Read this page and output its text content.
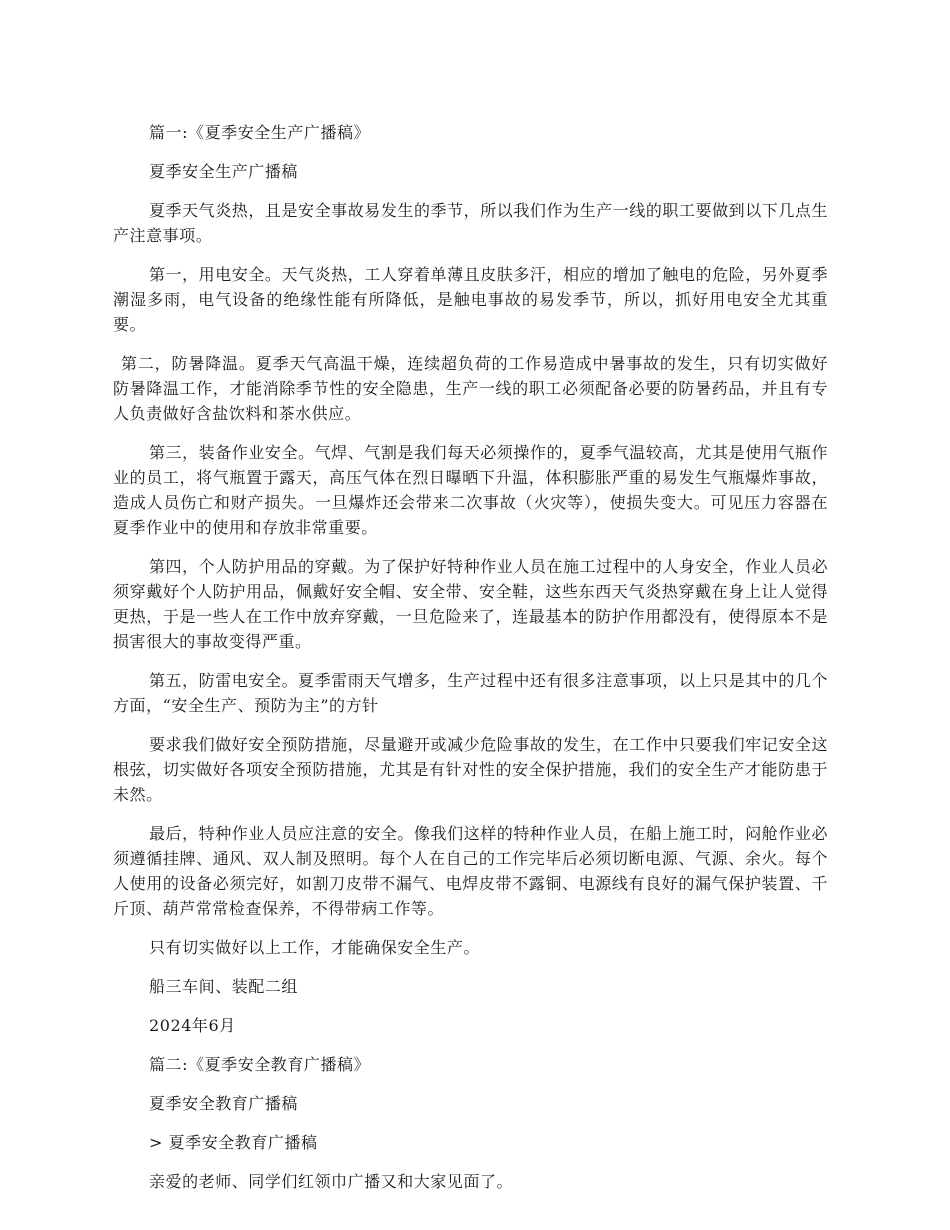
篇一:《夏季安全生产广播稿》

夏季安全生产广播稿

夏季天气炎热，且是安全事故易发生的季节，所以我们作为生产一线的职工要做到以下几点生产注意事项。

第一，用电安全。天气炎热，工人穿着单薄且皮肤多汗，相应的增加了触电的危险，另外夏季潮湿多雨，电气设备的绝缘性能有所降低，是触电事故的易发季节，所以，抓好用电安全尤其重要。

第二，防暑降温。夏季天气高温干燥，连续超负荷的工作易造成中暑事故的发生，只有切实做好防暑降温工作，才能消除季节性的安全隐患，生产一线的职工必须配备必要的防暑药品，并且有专人负责做好含盐饮料和茶水供应。

第三，装备作业安全。气焊、气割是我们每天必须操作的，夏季气温较高，尤其是使用气瓶作业的员工，将气瓶置于露天，高压气体在烈日曝晒下升温，体积膨胀严重的易发生气瓶爆炸事故，造成人员伤亡和财产损失。一旦爆炸还会带来二次事故（火灾等），使损失变大。可见压力容器在夏季作业中的使用和存放非常重要。

第四，个人防护用品的穿戴。为了保护好特种作业人员在施工过程中的人身安全，作业人员必须穿戴好个人防护用品，佩戴好安全帽、安全带、安全鞋，这些东西天气炎热穿戴在身上让人觉得更热，于是一些人在工作中放弃穿戴，一旦危险来了，连最基本的防护作用都没有，使得原本不是损害很大的事故变得严重。

第五，防雷电安全。夏季雷雨天气增多，生产过程中还有很多注意事项，以上只是其中的几个方面，“安全生产、预防为主”的方针

要求我们做好安全预防措施，尽量避开或减少危险事故的发生，在工作中只要我们牢记安全这根弦，切实做好各项安全预防措施，尤其是有针对性的安全保护措施，我们的安全生产才能防患于未然。

最后，特种作业人员应注意的安全。像我们这样的特种作业人员，在船上施工时，闷舱作业必须遵循挂牌、通风、双人制及照明。每个人在自己的工作完毕后必须切断电源、气源、余火。每个人使用的设备必须完好，如割刀皮带不漏气、电焊皮带不露铜、电源线有良好的漏气保护装置、千斤顶、葫芦常常检查保养，不得带病工作等。

只有切实做好以上工作，才能确保安全生产。

船三车间、装配二组

2024年6月

篇二:《夏季安全教育广播稿》

夏季安全教育广播稿

> 夏季安全教育广播稿

亲爱的老师、同学们红领巾广播又和大家见面了。
